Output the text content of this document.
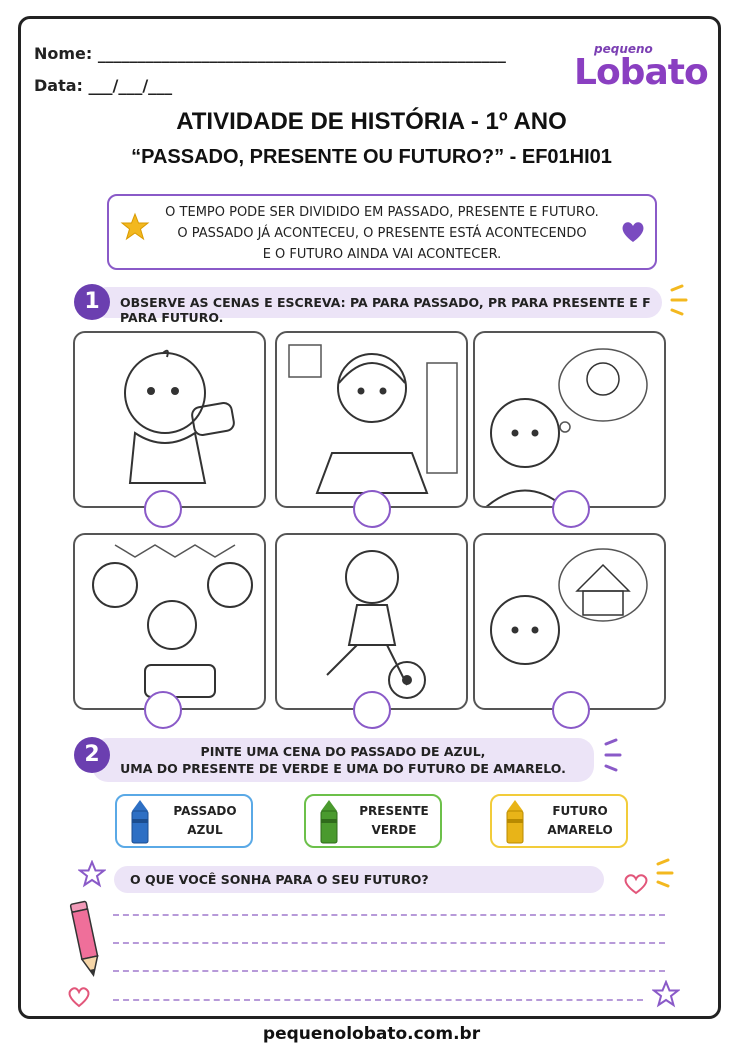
Nome: ___________________________________________________
Data: ___/___/___
pequeno
Lobato
ATIVIDADE DE HISTÓRIA - 1º ANO
“PASSADO, PRESENTE OU FUTURO?” - EF01HI01
O TEMPO PODE SER DIVIDIDO EM PASSADO, PRESENTE E FUTURO.
O PASSADO JÁ ACONTECEU, O PRESENTE ESTÁ ACONTECENDO
E O FUTURO AINDA VAI ACONTECER.
OBSERVE AS CENAS E ESCREVA: PA PARA PASSADO, PR PARA PRESENTE E F PARA FUTURO.
1
PINTE UMA CENA DO PASSADO DE AZUL,
UMA DO PRESENTE DE VERDE E UMA DO FUTURO DE AMARELO.
2
PASSADO
AZUL
PRESENTE
VERDE
FUTURO
AMARELO
O QUE VOCÊ SONHA PARA O SEU FUTURO?
pequenolobato.com.br
